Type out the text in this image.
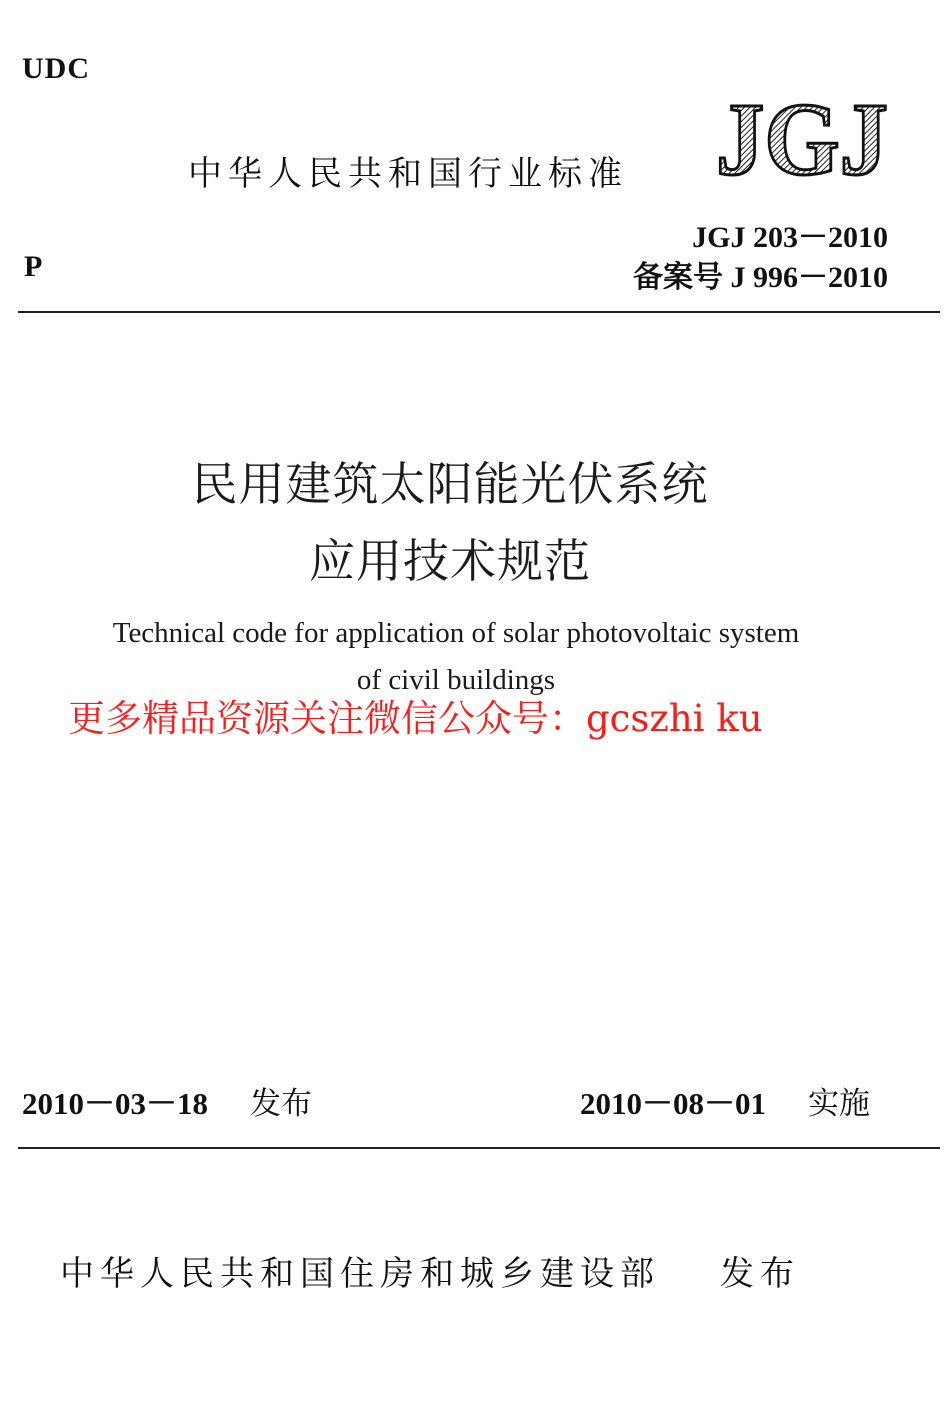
UDC
P
中华人民共和国行业标准 JGJ
JGJ 203－2010
备案号 J 996－2010
民用建筑太阳能光伏系统
应用技术规范
Technical code for application of solar photovoltaic system
of civil buildings
更多精品资源关注微信公众号：gcszhi ku
2010－03－18 发布	2010－08－01 实施
中华人民共和国住房和城乡建设部 发布
